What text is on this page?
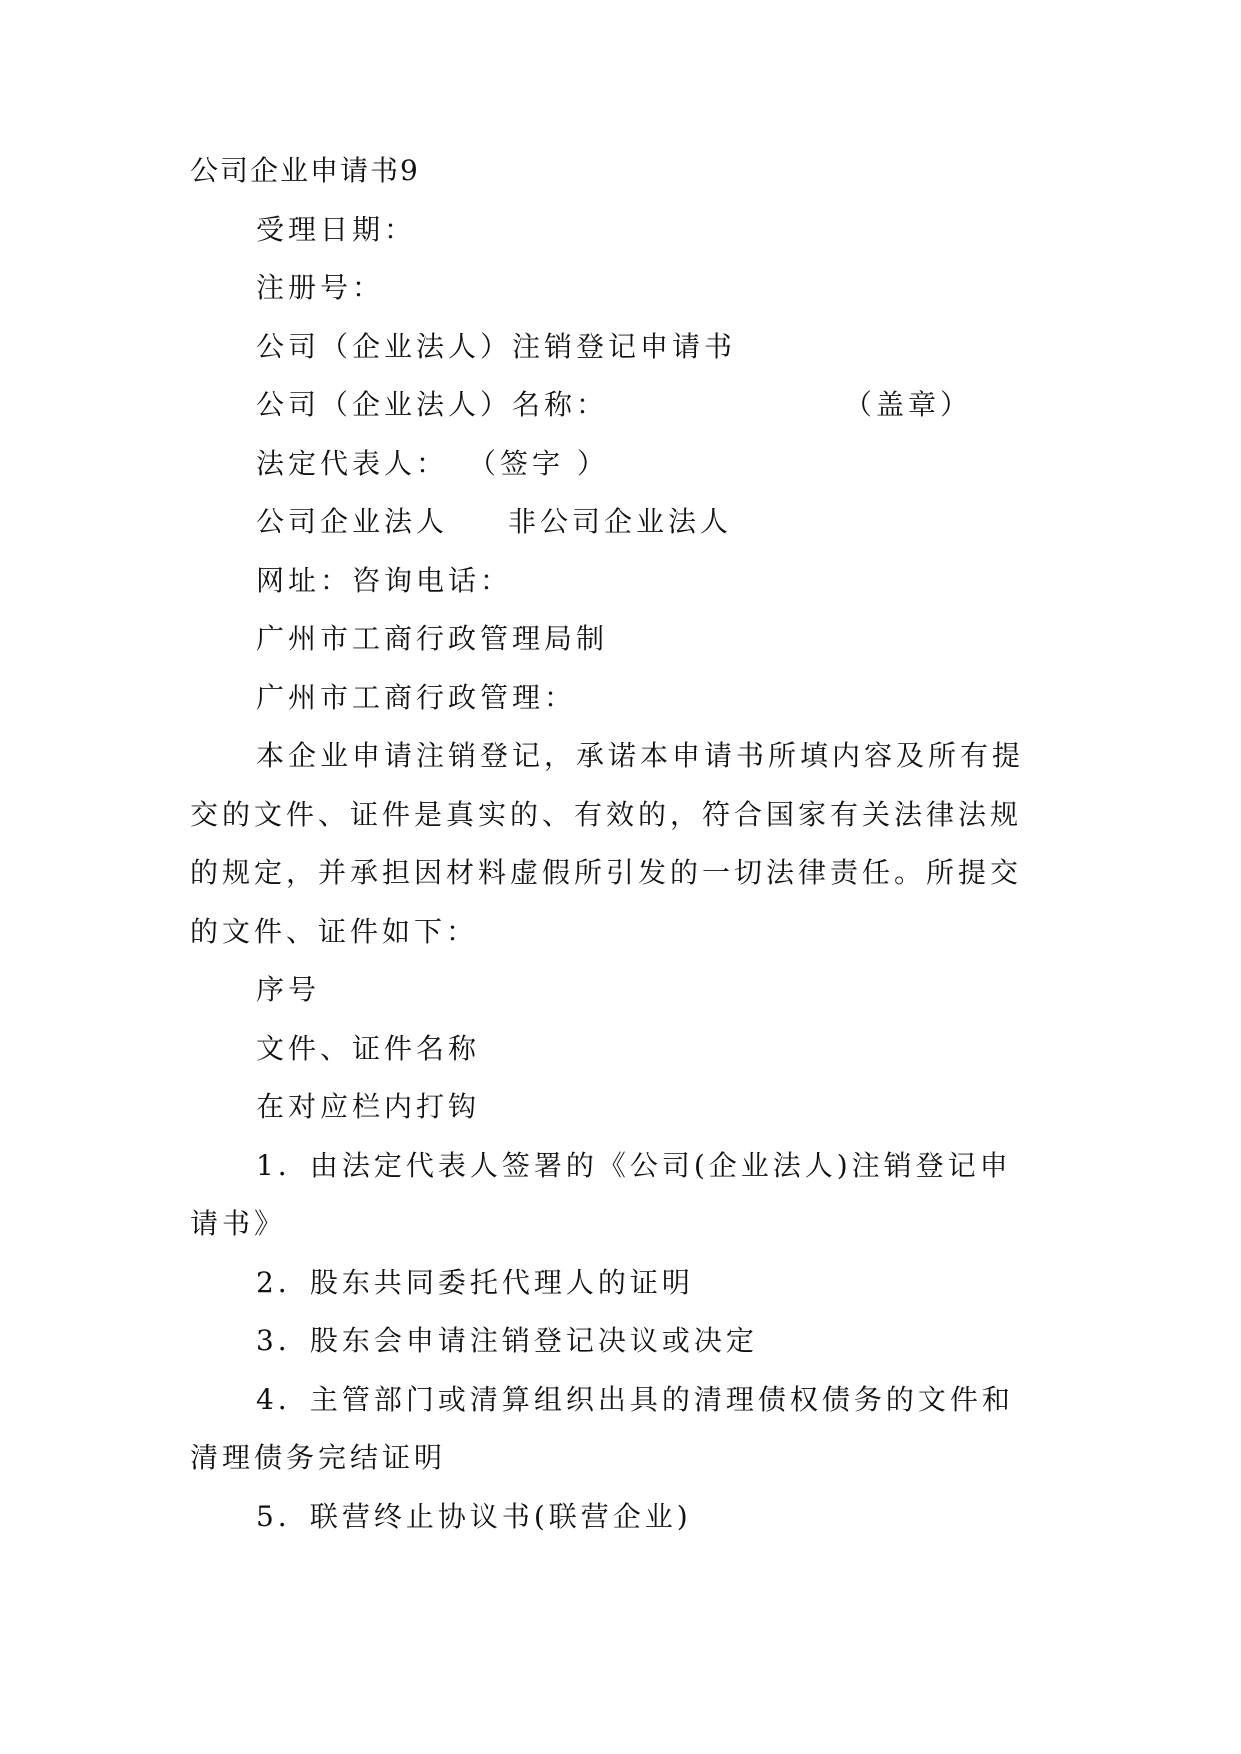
公司企业申请书9
受理日期：
注册号：
公司（企业法人）注销登记申请书
公司（企业法人）名称：	（盖章）
法定代表人： （签字 ）
公司企业法人 非公司企业法人
网址：咨询电话：
广州市工商行政管理局制
广州市工商行政管理：
本企业申请注销登记，承诺本申请书所填内容及所有提
交的文件、证件是真实的、有效的，符合国家有关法律法规
的规定，并承担因材料虚假所引发的一切法律责任。所提交
的文件、证件如下：
序号
文件、证件名称
在对应栏内打钩
1．由法定代表人签署的《公司(企业法人)注销登记申
请书》
2．股东共同委托代理人的证明
3．股东会申请注销登记决议或决定
4．主管部门或清算组织出具的清理债权债务的文件和
清理债务完结证明
5．联营终止协议书(联营企业)
